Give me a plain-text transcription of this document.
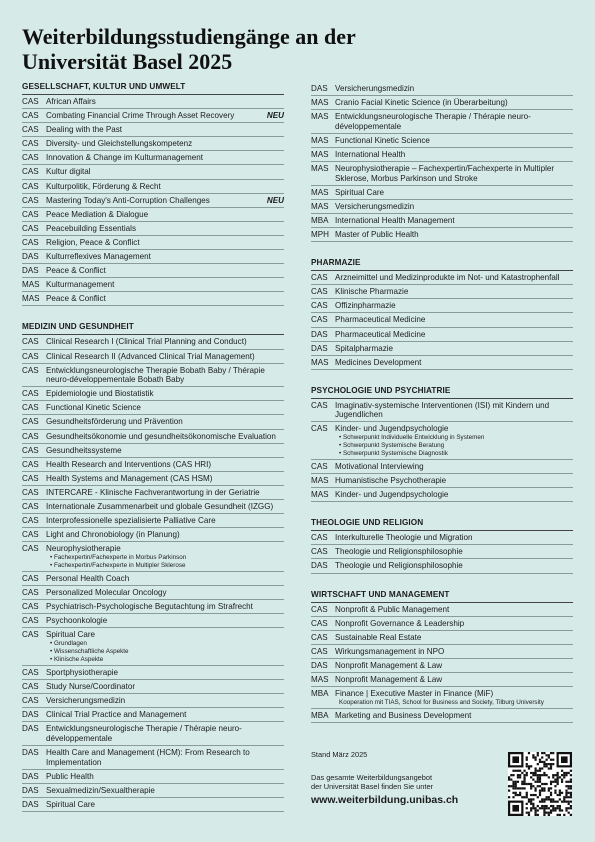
Weiterbildungsstudiengänge an der
Universität Basel 2025
GESELLSCHAFT, KULTUR UND UMWELT
CAS African Affairs
CAS Combating Financial Crime Through Asset Recovery	NEU
CAS Dealing with the Past
CAS Diversity- und Gleichstellungskompetenz
CAS Innovation & Change im Kulturmanagement
CAS Kultur digital
CAS Kulturpolitik, Förderung & Recht
CAS Mastering Today's Anti-Corruption Challenges	NEU
CAS Peace Mediation & Dialogue
CAS Peacebuilding Essentials
CAS Religion, Peace & Conflict
DAS Kulturreflexives Management
DAS Peace & Conflict
MAS Kulturmanagement
MAS Peace & Conflict
MEDIZIN UND GESUNDHEIT
CAS Clinical Research I (Clinical Trial Planning and Conduct)
CAS Clinical Research II (Advanced Clinical Trial Management)
CAS Entwicklungsneurologische Therapie Bobath Baby / Thérapie neuro-développementale Bobath Baby
CAS Epidemiologie und Biostatistik
CAS Functional Kinetic Science
CAS Gesundheitsförderung und Prävention
CAS Gesundheitsökonomie und gesundheitsökonomische Evaluation
CAS Gesundheitssysteme
CAS Health Research and Interventions (CAS HRI)
CAS Health Systems and Management (CAS HSM)
CAS INTERCARE - Klinische Fachverantwortung in der Geriatrie
CAS Internationale Zusammenarbeit und globale Gesundheit (IZGG)
CAS Interprofessionelle spezialisierte Palliative Care
CAS Light and Chronobiology (in Planung)
CAS Neurophysiotherapie
• Fachexpertin/Fachexperte in Morbus Parkinson
• Fachexpertin/Fachexperte in Multipler Sklerose
CAS Personal Health Coach
CAS Personalized Molecular Oncology
CAS Psychiatrisch-Psychologische Begutachtung im Strafrecht
CAS Psychoonkologie
CAS Spiritual Care
• Grundlagen
• Wissenschaftliche Aspekte
• Klinische Aspekte
CAS Sportphysiotherapie
CAS Study Nurse/Coordinator
CAS Versicherungsmedizin
DAS Clinical Trial Practice and Management
DAS Entwicklungsneurologische Therapie / Thérapie neuro-développementale
DAS Health Care and Management (HCM): From Research to Implementation
DAS Public Health
DAS Sexualmedizin/Sexualtherapie
DAS Spiritual Care
DAS Versicherungsmedizin
MAS Cranio Facial Kinetic Science (in Überarbeitung)
MAS Entwicklungsneurologische Therapie / Thérapie neuro-développementale
MAS Functional Kinetic Science
MAS International Health
MAS Neurophysiotherapie – Fachexpertin/Fachexperte in Multipler Sklerose, Morbus Parkinson und Stroke
MAS Spiritual Care
MAS Versicherungsmedizin
MBA International Health Management
MPH Master of Public Health
PHARMAZIE
CAS Arzneimittel und Medizinprodukte im Not- und Katastrophenfall
CAS Klinische Pharmazie
CAS Offizinpharmazie
CAS Pharmaceutical Medicine
DAS Pharmaceutical Medicine
DAS Spitalpharmazie
MAS Medicines Development
PSYCHOLOGIE UND PSYCHIATRIE
CAS Imaginativ-systemische Interventionen (ISI) mit Kindern und Jugendlichen
CAS Kinder- und Jugendpsychologie
• Schwerpunkt Individuelle Entwicklung in Systemen
• Schwerpunkt Systemische Beratung
• Schwerpunkt Systemische Diagnostik
CAS Motivational Interviewing
MAS Humanistische Psychotherapie
MAS Kinder- und Jugendpsychologie
THEOLOGIE UND RELIGION
CAS Interkulturelle Theologie und Migration
CAS Theologie und Religionsphilosophie
DAS Theologie und Religionsphilosophie
WIRTSCHAFT UND MANAGEMENT
CAS Nonprofit & Public Management
CAS Nonprofit Governance & Leadership
CAS Sustainable Real Estate
CAS Wirkungsmanagement in NPO
DAS Nonprofit Management & Law
MAS Nonprofit Management & Law
MBA Finance | Executive Master in Finance (MiF)
Kooperation mit TIAS, School for Business and Society, Tilburg University
MBA Marketing and Business Development
Stand März 2025
Das gesamte Weiterbildungsangebot
der Universität Basel finden Sie unter
www.weiterbildung.unibas.ch
